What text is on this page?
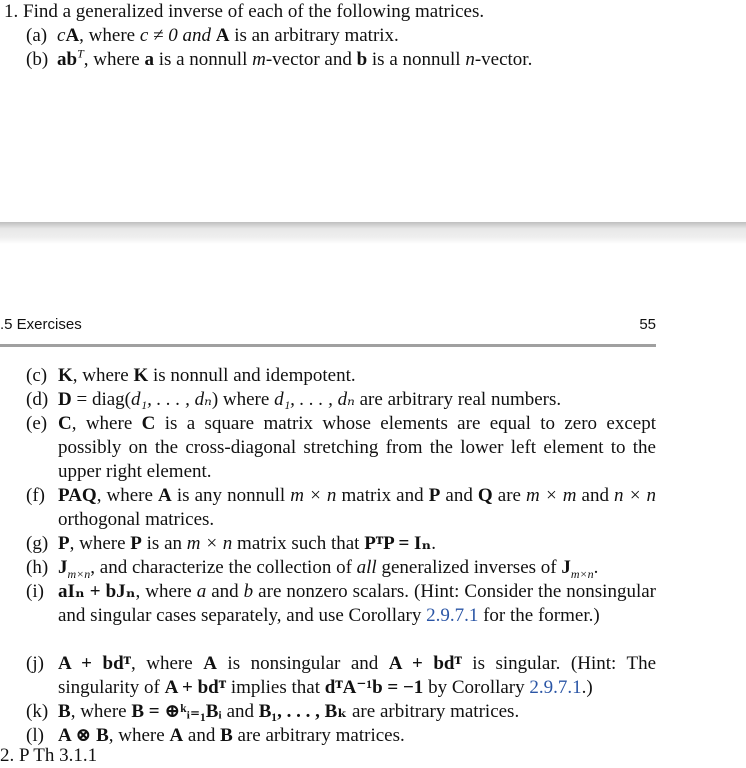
1. Find a generalized inverse of each of the following matrices.
(a) cA, where c ≠ 0 and A is an arbitrary matrix.
(b) $ab^T$, where a is a nonnull m-vector and b is a nonnull n-vector.
.5 Exercises	55
(c) K, where K is nonnull and idempotent.
(d) D = diag(d₁, . . . , dₙ) where d₁, . . . , dₙ are arbitrary real numbers.
(e) C, where C is a square matrix whose elements are equal to zero except possibly on the cross-diagonal stretching from the lower left element to the upper right element.
(f) PAQ, where A is any nonnull m × n matrix and P and Q are m × m and n × n orthogonal matrices.
(g) P, where P is an m × n matrix such that PᵀP = Iₙ.
(h) $J_{m\times n}$, and characterize the collection of all generalized inverses of $J_{m\times n}$.
(i) aIₙ + bJₙ, where a and b are nonzero scalars. (Hint: Consider the nonsingular and singular cases separately, and use Corollary 2.9.7.1 for the former.)
(j) A + bdᵀ, where A is nonsingular and A + bdᵀ is singular. (Hint: The singularity of A + bdᵀ implies that dᵀA⁻¹b = −1 by Corollary 2.9.7.1.)
(k) B, where B = ⊕ᵏᵢ₌₁Bᵢ and B₁, . . . , Bₖ are arbitrary matrices.
(l) A ⊗ B, where A and B are arbitrary matrices.
2. P Th 3.1.1
